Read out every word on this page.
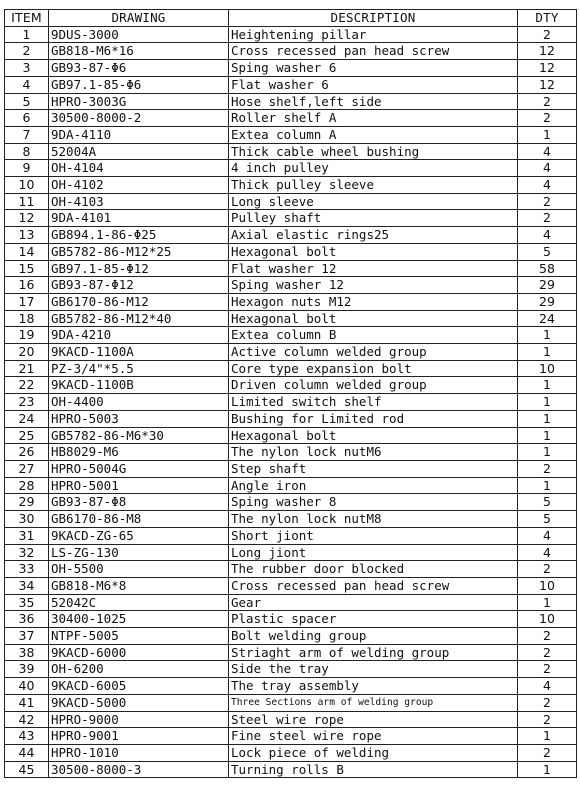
ITEM	DRAWING	DESCRIPTION	DTY
1	9DUS-3000	Heightening pillar	2
2	GB818-M6*16	Cross recessed pan head screw	12
3	GB93-87-Φ6	Sping washer 6	12
4	GB97.1-85-Φ6	Flat washer 6	12
5	HPRO-3003G	Hose shelf,left side	2
6	30500-8000-2	Roller shelf A	2
7	9DA-4110	Extea column A	1
8	52004A	Thick cable wheel bushing	4
9	OH-4104	4 inch pulley	4
10	OH-4102	Thick pulley sleeve	4
11	OH-4103	Long sleeve	2
12	9DA-4101	Pulley shaft	2
13	GB894.1-86-Φ25	Axial elastic rings25	4
14	GB5782-86-M12*25	Hexagonal bolt	5
15	GB97.1-85-Φ12	Flat washer 12	58
16	GB93-87-Φ12	Sping washer 12	29
17	GB6170-86-M12	Hexagon nuts M12	29
18	GB5782-86-M12*40	Hexagonal bolt	24
19	9DA-4210	Extea column B	1
20	9KACD-1100A	Active column welded group	1
21	PZ-3/4"*5.5	Core type expansion bolt	10
22	9KACD-1100B	Driven column welded group	1
23	OH-4400	Limited switch shelf	1
24	HPRO-5003	Bushing for Limited rod	1
25	GB5782-86-M6*30	Hexagonal bolt	1
26	HB8029-M6	The nylon lock nutM6	1
27	HPRO-5004G	Step shaft	2
28	HPRO-5001	Angle iron	1
29	GB93-87-Φ8	Sping washer 8	5
30	GB6170-86-M8	The nylon lock nutM8	5
31	9KACD-ZG-65	Short jiont	4
32	LS-ZG-130	Long jiont	4
33	OH-5500	The rubber door blocked	2
34	GB818-M6*8	Cross recessed pan head screw	10
35	52042C	Gear	1
36	30400-1025	Plastic spacer	10
37	NTPF-5005	Bolt welding group	2
38	9KACD-6000	Striaght arm of welding group	2
39	OH-6200	Side the tray	2
40	9KACD-6005	The tray assembly	4
41	9KACD-5000	Three Sections arm of welding group	2
42	HPRO-9000	Steel wire rope	2
43	HPRO-9001	Fine steel wire rope	1
44	HPRO-1010	Lock piece of welding	2
45	30500-8000-3	Turning rolls B	1
